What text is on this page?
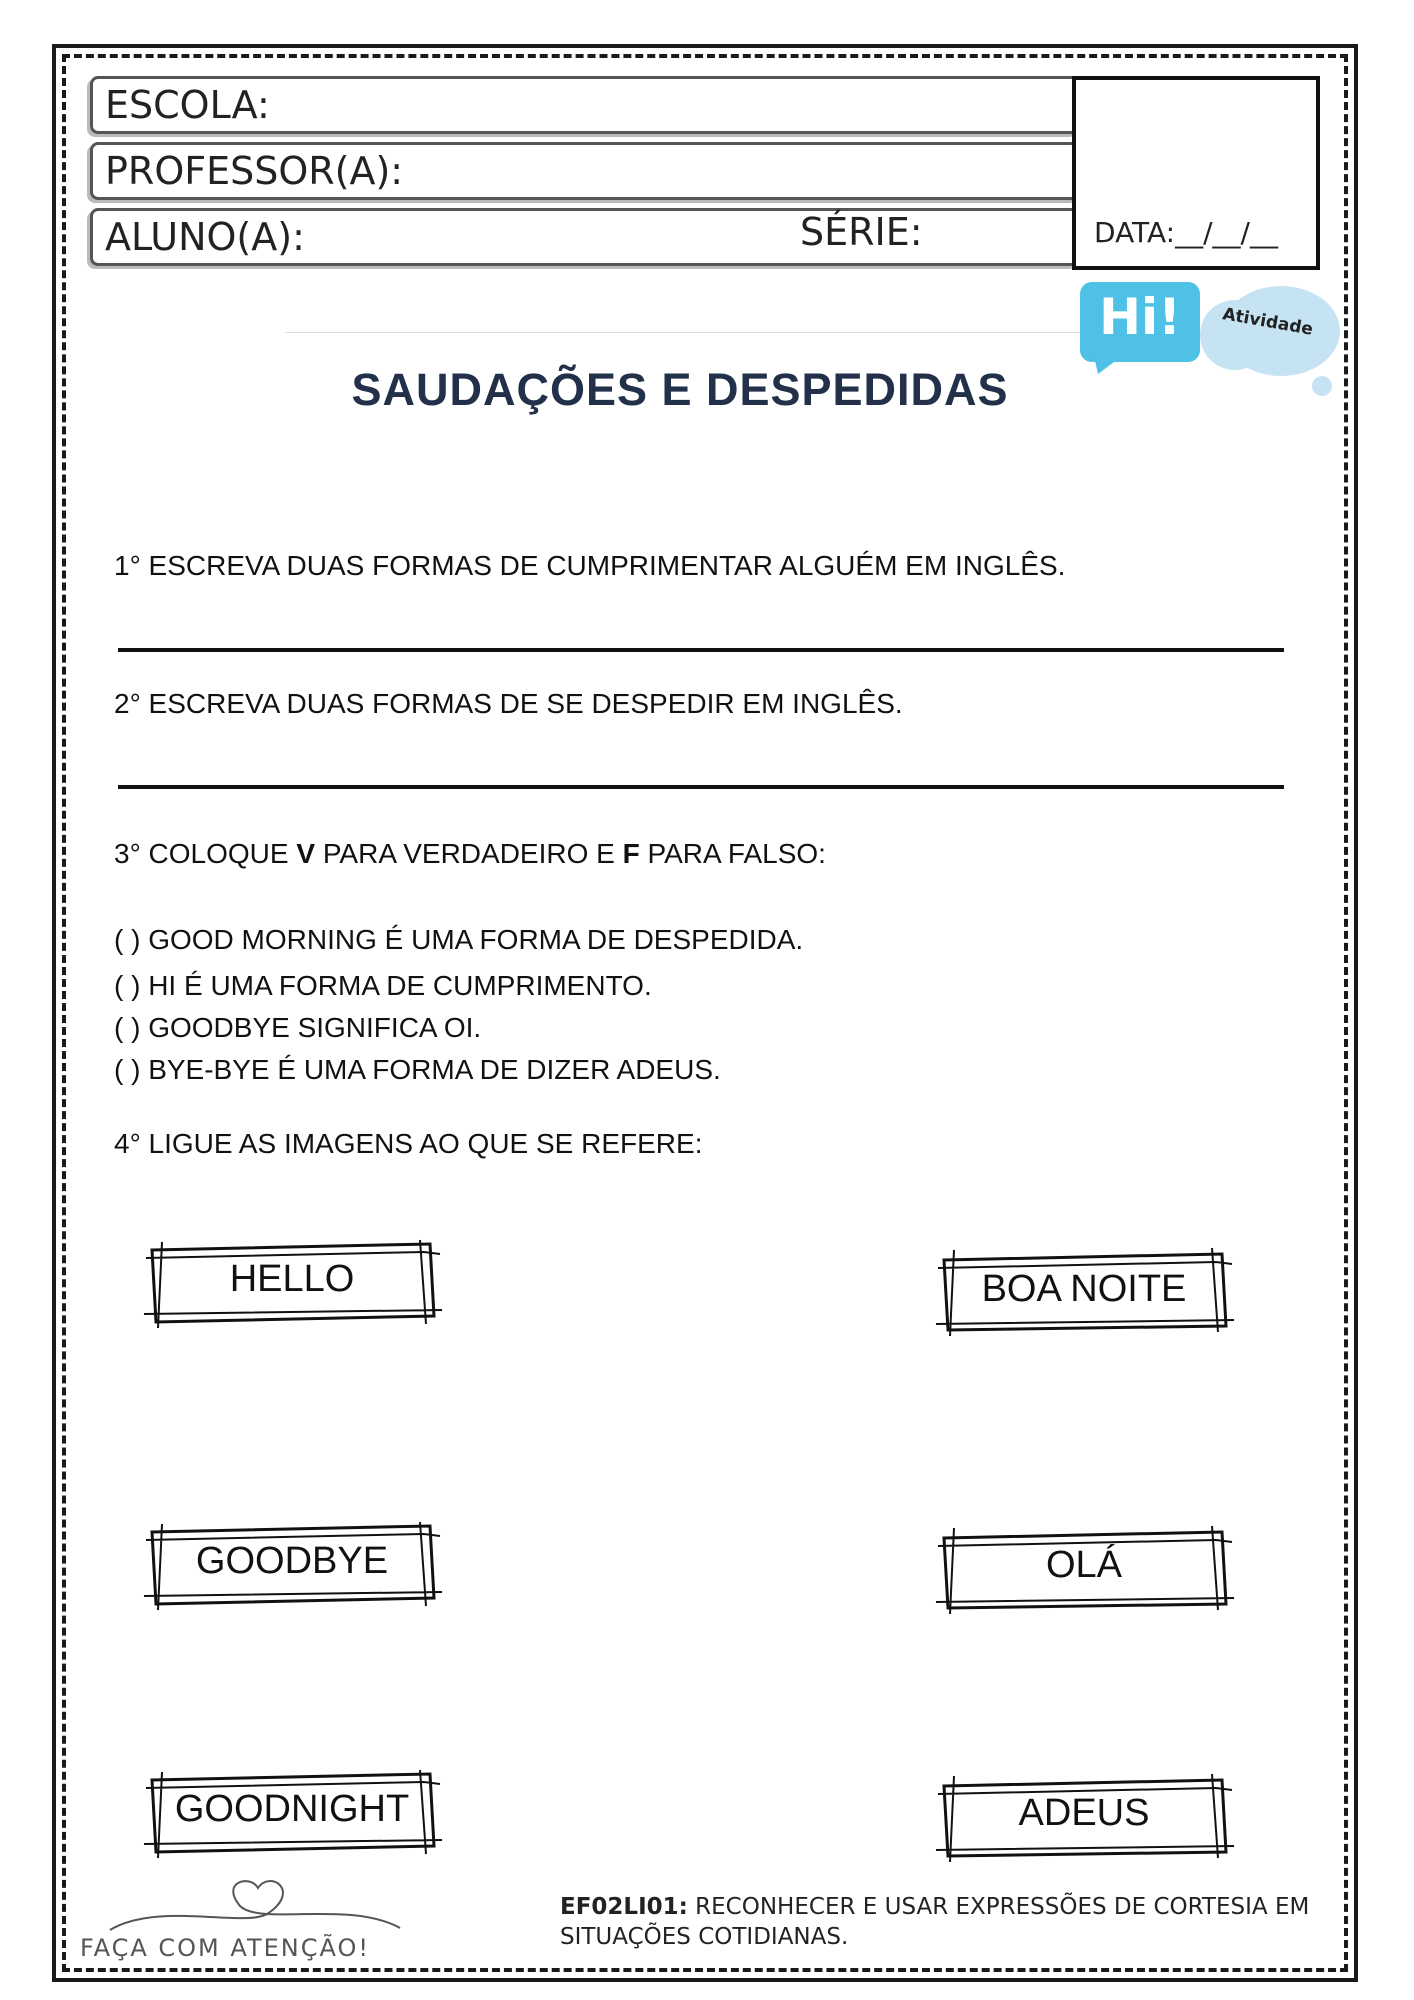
ESCOLA:
PROFESSOR(A):
ALUNO(A):	SÉRIE:	DATA:__/__/__
Hi!	Atividade
SAUDAÇÕES E DESPEDIDAS
1° ESCREVA DUAS FORMAS DE CUMPRIMENTAR ALGUÉM EM INGLÊS.
2° ESCREVA DUAS FORMAS DE SE DESPEDIR EM INGLÊS.
3° COLOQUE V PARA VERDADEIRO E F PARA FALSO:
( ) GOOD MORNING É UMA FORMA DE DESPEDIDA.
( ) HI É UMA FORMA DE CUMPRIMENTO.
( ) GOODBYE SIGNIFICA OI.
( ) BYE-BYE É UMA FORMA DE DIZER ADEUS.
4° LIGUE AS IMAGENS AO QUE SE REFERE:
HELLO	BOA NOITE
GOODBYE	OLÁ
GOODNIGHT	ADEUS
FAÇA COM ATENÇÃO!
EF02LI01: RECONHECER E USAR EXPRESSÕES DE CORTESIA EM SITUAÇÕES COTIDIANAS.
